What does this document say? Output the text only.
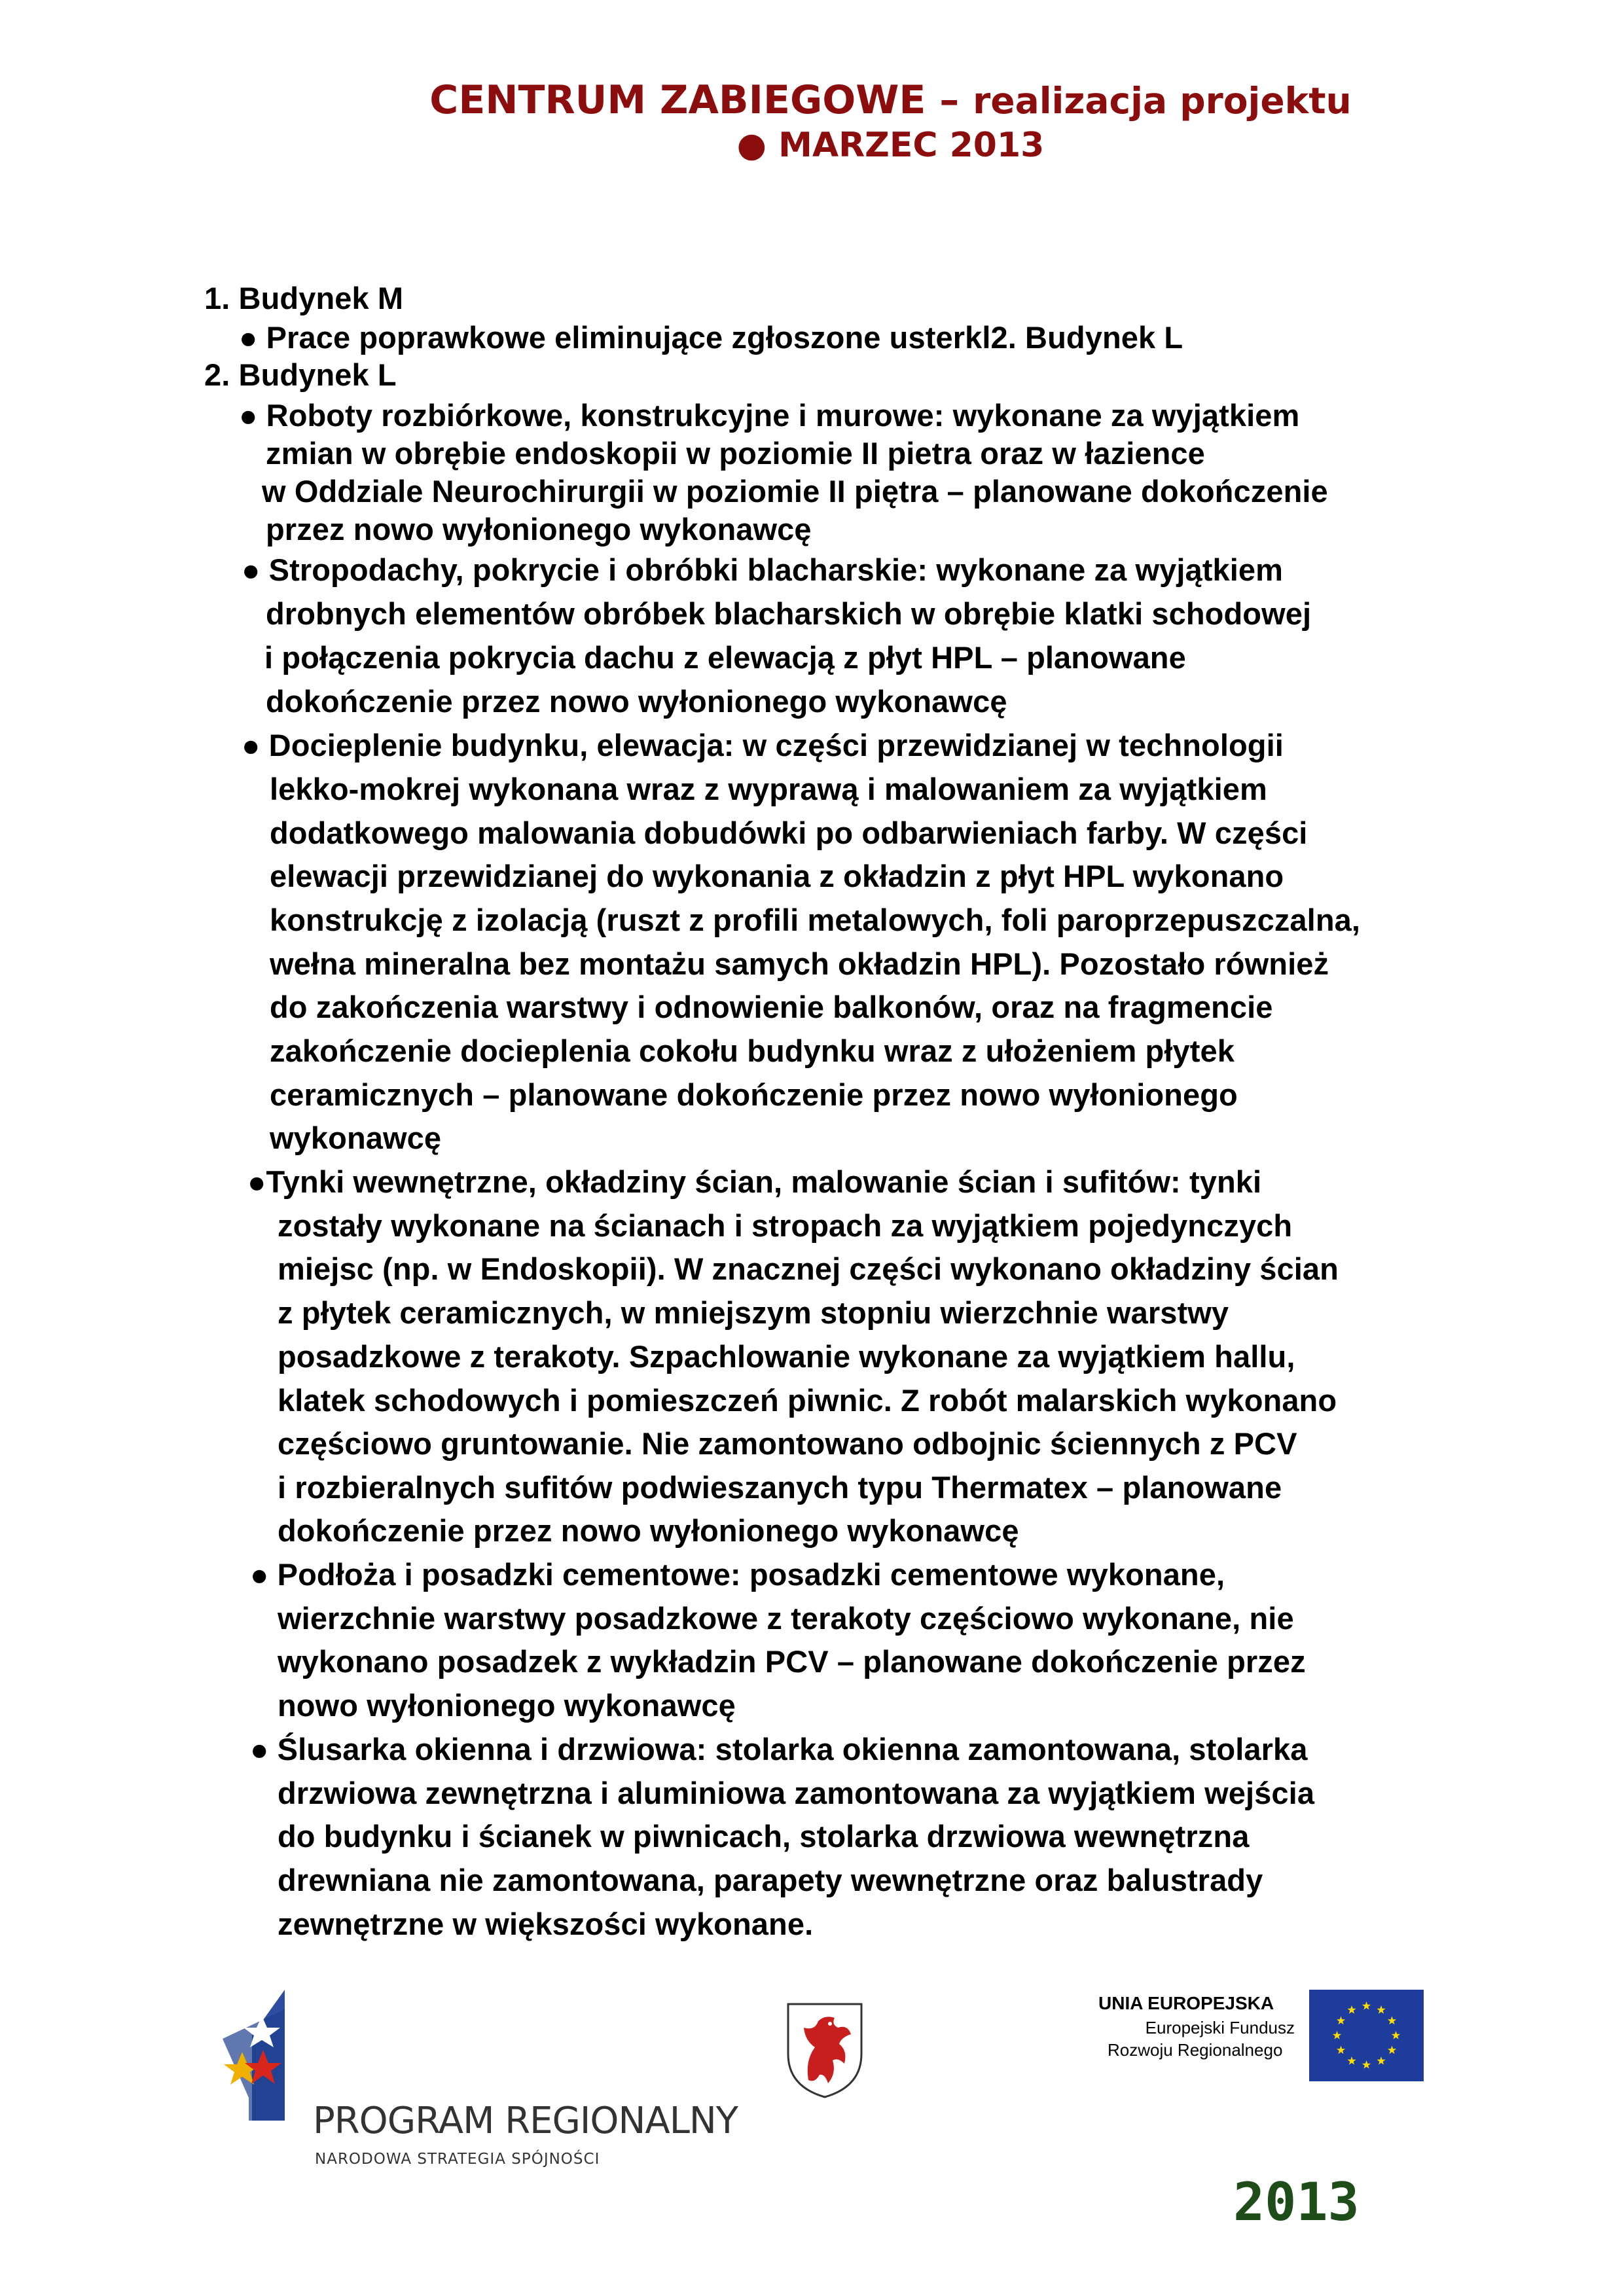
CENTRUM ZABIEGOWE – realizacja projektu
● MARZEC 2013
1. Budynek M
● Prace poprawkowe eliminujące zgłoszone usterkl2. Budynek L
2. Budynek L
● Roboty rozbiórkowe, konstrukcyjne i murowe: wykonane za wyjątkiem
zmian w obrębie endoskopii w poziomie II pietra oraz w łazience
w Oddziale Neurochirurgii w poziomie II piętra – planowane dokończenie
przez nowo wyłonionego wykonawcę
● Stropodachy, pokrycie i obróbki blacharskie: wykonane za wyjątkiem
drobnych elementów obróbek blacharskich w obrębie klatki schodowej
i połączenia pokrycia dachu z elewacją z płyt HPL – planowane
dokończenie przez nowo wyłonionego wykonawcę
● Docieplenie budynku, elewacja: w części przewidzianej w technologii
lekko-mokrej wykonana wraz z wyprawą i malowaniem za wyjątkiem
dodatkowego malowania dobudówki po odbarwieniach farby. W części
elewacji przewidzianej do wykonania z okładzin z płyt HPL wykonano
konstrukcję z izolacją (ruszt z profili metalowych, foli paroprzepuszczalna,
wełna mineralna bez montażu samych okładzin HPL). Pozostało również
do zakończenia warstwy i odnowienie balkonów, oraz na fragmencie
zakończenie docieplenia cokołu budynku wraz z ułożeniem płytek
ceramicznych – planowane dokończenie przez nowo wyłonionego
wykonawcę
●Tynki wewnętrzne, okładziny ścian, malowanie ścian i sufitów: tynki
zostały wykonane na ścianach i stropach za wyjątkiem pojedynczych
miejsc (np. w Endoskopii). W znacznej części wykonano okładziny ścian
z płytek ceramicznych, w mniejszym stopniu wierzchnie warstwy
posadzkowe z terakoty. Szpachlowanie wykonane za wyjątkiem hallu,
klatek schodowych i pomieszczeń piwnic. Z robót malarskich wykonano
częściowo gruntowanie. Nie zamontowano odbojnic ściennych z PCV
i rozbieralnych sufitów podwieszanych typu Thermatex – planowane
dokończenie przez nowo wyłonionego wykonawcę
● Podłoża i posadzki cementowe: posadzki cementowe wykonane,
wierzchnie warstwy posadzkowe z terakoty częściowo wykonane, nie
wykonano posadzek z wykładzin PCV – planowane dokończenie przez
nowo wyłonionego wykonawcę
● Ślusarka okienna i drzwiowa: stolarka okienna zamontowana, stolarka
drzwiowa zewnętrzna i aluminiowa zamontowana za wyjątkiem wejścia
do budynku i ścianek w piwnicach, stolarka drzwiowa wewnętrzna
drewniana nie zamontowana, parapety wewnętrzne oraz balustrady
zewnętrzne w większości wykonane.
PROGRAM REGIONALNY
NARODOWA STRATEGIA SPÓJNOŚCI
UNIA EUROPEJSKA
Europejski Fundusz
Rozwoju Regionalnego
2013
